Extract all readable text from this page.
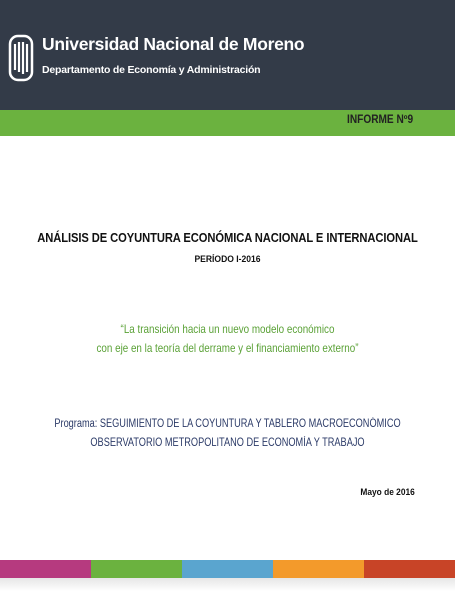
Universidad Nacional de Moreno
Departamento de Economía y Administración
INFORME Nº9
ANÁLISIS DE COYUNTURA ECONÓMICA NACIONAL E INTERNACIONAL
PERÍODO I-2016
“La transición hacia un nuevo modelo económico
con eje en la teoría del derrame y el financiamiento externo”
Programa: SEGUIMIENTO DE LA COYUNTURA Y TABLERO MACROECONÓMICO
OBSERVATORIO METROPOLITANO DE ECONOMÍA Y TRABAJO
Mayo de 2016
